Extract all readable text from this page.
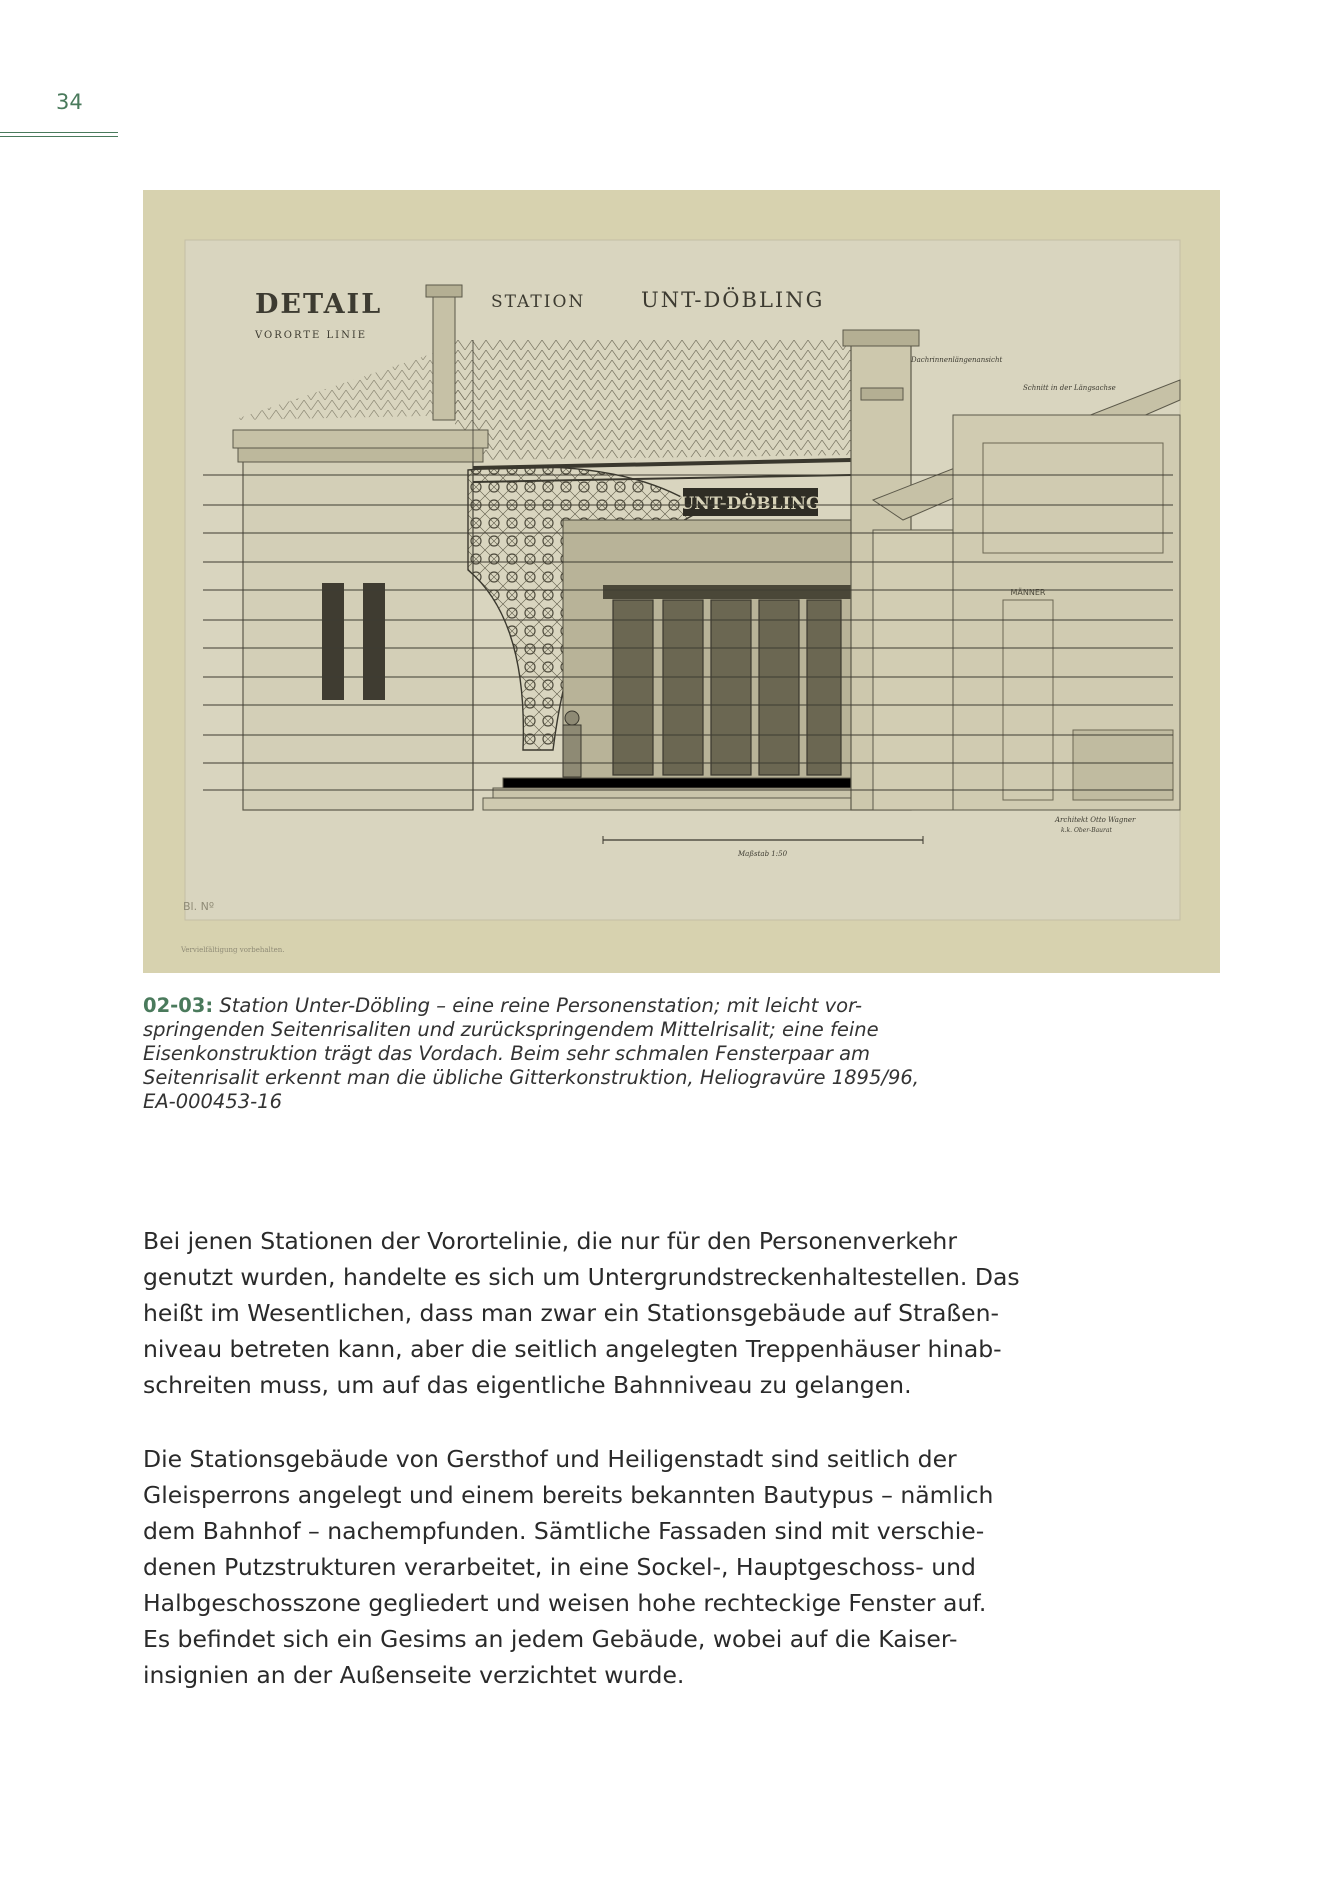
34
UNT-DÖBLING
MÄNNER
DETAIL
VORORTE LINIE
STATION	UNT-DÖBLING
Dachrinnenlängenansicht
Schnitt in der Längsachse
Maßstab 1:50
Architekt Otto Wagner
k.k. Ober-Baurat
Bl. Nº
Vervielfältigung vorbehalten.
02-03: Station Unter-Döbling – eine reine Personenstation; mit leicht vor-
springenden Seitenrisaliten und zurückspringendem Mittelrisalit; eine feine
Eisenkonstruktion trägt das Vordach. Beim sehr schmalen Fensterpaar am
Seitenrisalit erkennt man die übliche Gitterkonstruktion, Heliogravüre 1895/96,
EA-000453-16
Bei jenen Stationen der Vorortelinie, die nur für den Personenverkehr
genutzt wurden, handelte es sich um Untergrundstreckenhaltestellen. Das
heißt im Wesentlichen, dass man zwar ein Stationsgebäude auf Straßen-
niveau betreten kann, aber die seitlich angelegten Treppenhäuser hinab-
schreiten muss, um auf das eigentliche Bahnniveau zu gelangen.
Die Stationsgebäude von Gersthof und Heiligenstadt sind seitlich der
Gleisperrons angelegt und einem bereits bekannten Bautypus – nämlich
dem Bahnhof – nachempfunden. Sämtliche Fassaden sind mit verschie-
denen Putzstrukturen verarbeitet, in eine Sockel-, Hauptgeschoss- und
Halbgeschosszone gegliedert und weisen hohe rechteckige Fenster auf.
Es befindet sich ein Gesims an jedem Gebäude, wobei auf die Kaiser-
insignien an der Außenseite verzichtet wurde.
